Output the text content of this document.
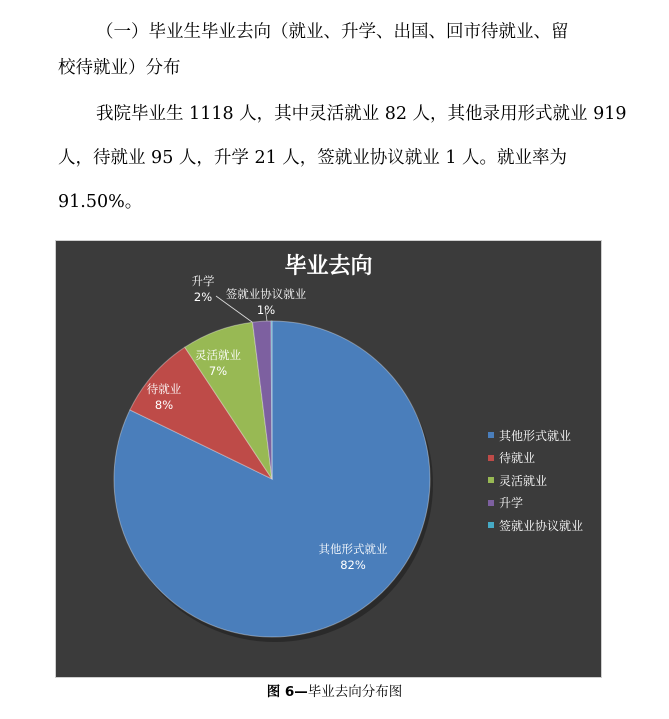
（一）毕业生毕业去向（就业、升学、出国、回市待就业、留
校待就业）分布
我院毕业生 1118 人，其中灵活就业 82 人，其他录用形式就业 919
人，待就业 95 人，升学 21 人，签就业协议就业 1 人。就业率为
91.50%。
其他形式就业
82%
待就业
8%
灵活就业
7%
升学
2% 签就业协议就业
1%
毕业去向
其他形式就业
待就业
灵活就业
升学
签就业协议就业
图 6—毕业去向分布图
